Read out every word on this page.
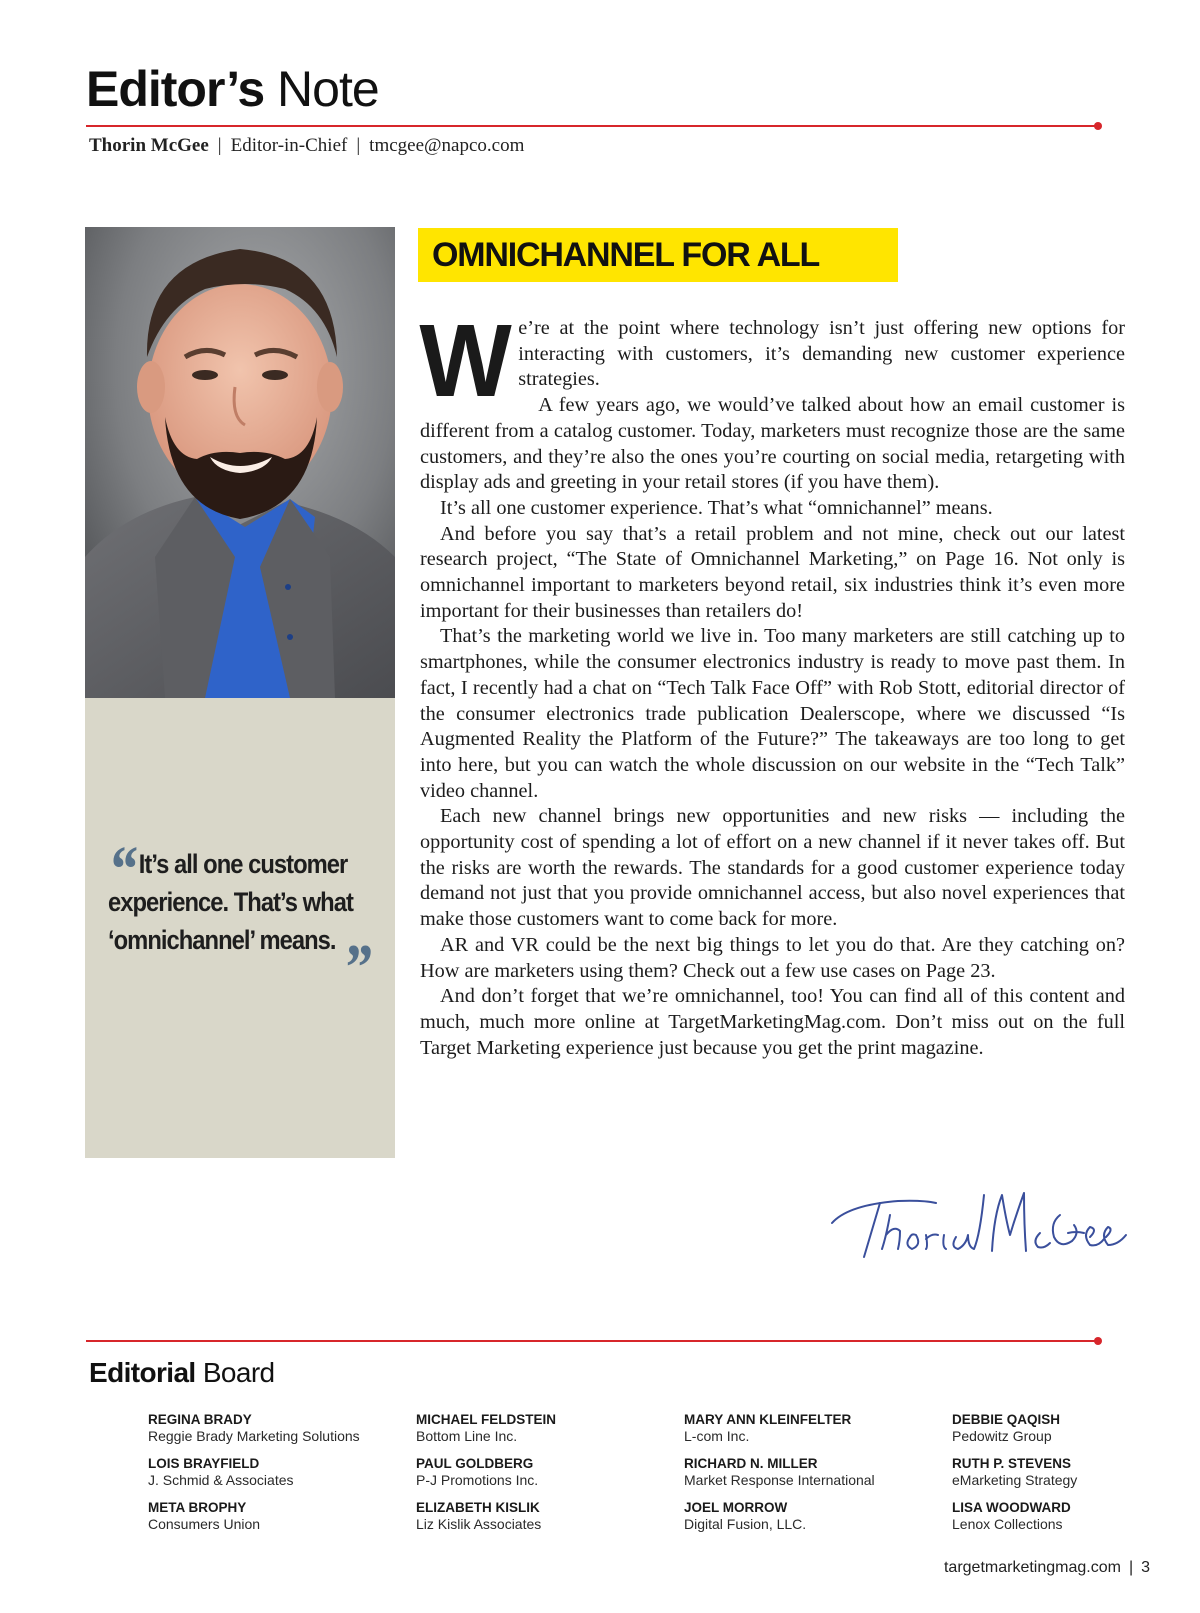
Editor’s Note
Thorin McGee | Editor-in-Chief | tmcgee@napco.com
“ It’s all one customer experience. That’s what ‘omnichannel’ means. ”
OMNICHANNEL FOR ALL

We’re at the point where technology isn’t just offering new options for interacting with customers, it’s demanding new customer experience strategies.

A few years ago, we would’ve talked about how an email customer is different from a catalog customer. Today, marketers must recognize those are the same customers, and they’re also the ones you’re courting on social media, retargeting with display ads and greeting in your retail stores (if you have them).

It’s all one customer experience. That’s what “omnichannel” means.

And before you say that’s a retail problem and not mine, check out our latest research project, “The State of Omnichannel Marketing,” on Page 16. Not only is omnichannel important to marketers beyond retail, six industries think it’s even more important for their businesses than retailers do!

That’s the marketing world we live in. Too many marketers are still catching up to smartphones, while the consumer electronics industry is ready to move past them. In fact, I recently had a chat on “Tech Talk Face Off” with Rob Stott, editorial director of the consumer electronics trade publication Dealerscope, where we discussed “Is Augmented Reality the Platform of the Future?” The takeaways are too long to get into here, but you can watch the whole discussion on our website in the “Tech Talk” video channel.

Each new channel brings new opportunities and new risks — including the opportunity cost of spending a lot of effort on a new channel if it never takes off. But the risks are worth the rewards. The standards for a good customer experience today demand not just that you provide omnichannel access, but also novel experiences that make those customers want to come back for more.

AR and VR could be the next big things to let you do that. Are they catching on? How are marketers using them? Check out a few use cases on Page 23.

And don’t forget that we’re omnichannel, too! You can find all of this content and much, much more online at TargetMarketingMag.com. Don’t miss out on the full Target Marketing experience just because you get the print magazine.

Editorial Board
REGINA BRADY
Reggie Brady Marketing Solutions
LOIS BRAYFIELD
J. Schmid & Associates
META BROPHY
Consumers Union
MICHAEL FELDSTEIN
Bottom Line Inc.
PAUL GOLDBERG
P-J Promotions Inc.
ELIZABETH KISLIK
Liz Kislik Associates
MARY ANN KLEINFELTER
L-com Inc.
RICHARD N. MILLER
Market Response International
JOEL MORROW
Digital Fusion, LLC.
DEBBIE QAQISH
Pedowitz Group
RUTH P. STEVENS
eMarketing Strategy
LISA WOODWARD
Lenox Collections
targetmarketingmag.com | 3
